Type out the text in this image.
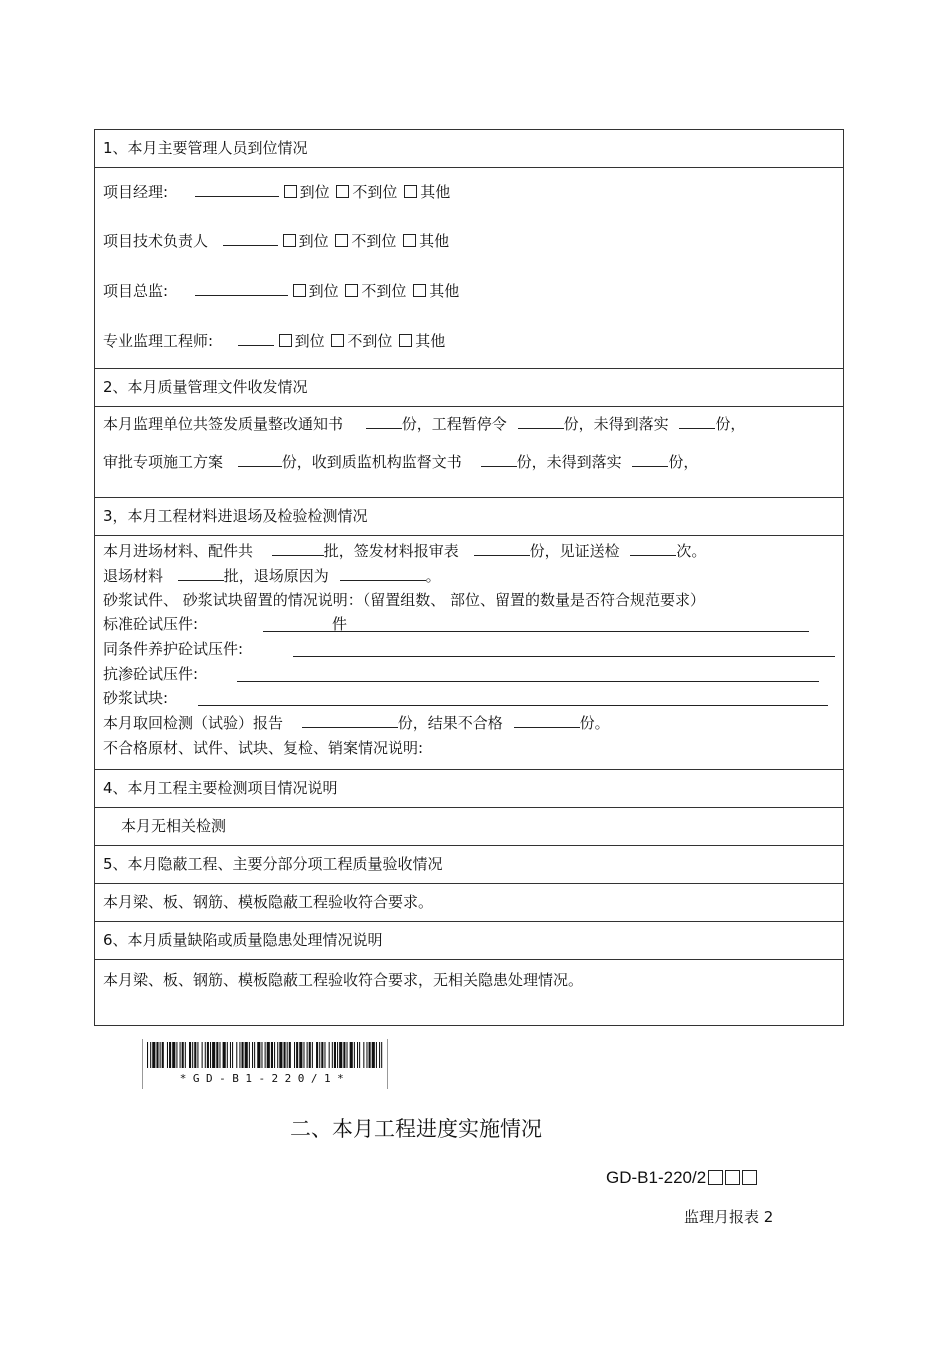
1、本月主要管理人员到位情况
项目经理:	到位 不到位 其他
项目技术负责人	到位 不到位 其他
项目总监:	到位 不到位 其他
专业监理工程师:	到位 不到位 其他
2、本月质量管理文件收发情况
本月监理单位共签发质量整改通知书	份，工程暂停令	份，未得到落实	份，
审批专项施工方案	份，收到质监机构监督文书	份，未得到落实	份，
3，本月工程材料进退场及检验检测情况
本月进场材料、配件共	批，签发材料报审表	份，见证送检	次。
退场材料	批，退场原因为	。
砂浆试件、 砂浆试块留置的情况说明：（留置组数、 部位、留置的数量是否符合规范要求）
标准砼试压件:	件
同条件养护砼试压件:
抗渗砼试压件:
砂浆试块:
本月取回检测（试验）报告	份，结果不合格	份。
不合格原材、试件、试块、复检、销案情况说明:
4、本月工程主要检测项目情况说明
本月无相关检测
5、本月隐蔽工程、主要分部分项工程质量验收情况
本月梁、板、钢筋、模板隐蔽工程验收符合要求。
6、本月质量缺陷或质量隐患处理情况说明
本月梁、板、钢筋、模板隐蔽工程验收符合要求，无相关隐患处理情况。
*GD-B1-220/1*
二、本月工程进度实施情况
GD-B1-220/2
监理月报表 2
